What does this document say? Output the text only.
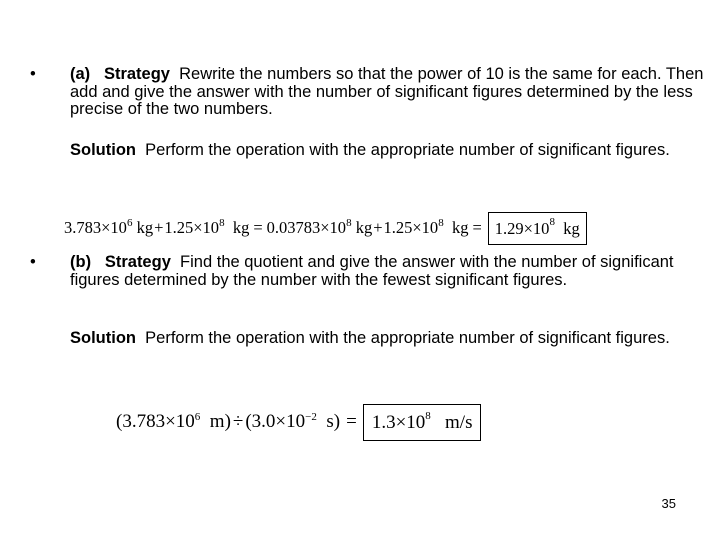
• (a) Strategy Rewrite the numbers so that the power of 10 is the same for each. Then add and give the answer with the number of significant figures determined by the less precise of the two numbers.
Solution Perform the operation with the appropriate number of significant figures.
$3.783\times 10^6$ kg + $1.25\times 10^8$ kg = $0.03783\times 10^8$ kg + $1.25\times 10^8$ kg = $1.29\times 10^8$
kg
• (b) Strategy Find the quotient and give the answer with the number of significant figures determined by the number with the fewest significant figures.
Solution Perform the operation with the appropriate number of significant figures.
($3.783\times 10^6$ $m) \div (3.0\times 10^{-2}$ $s) = 1.3\times 10^8$
m/s
35
